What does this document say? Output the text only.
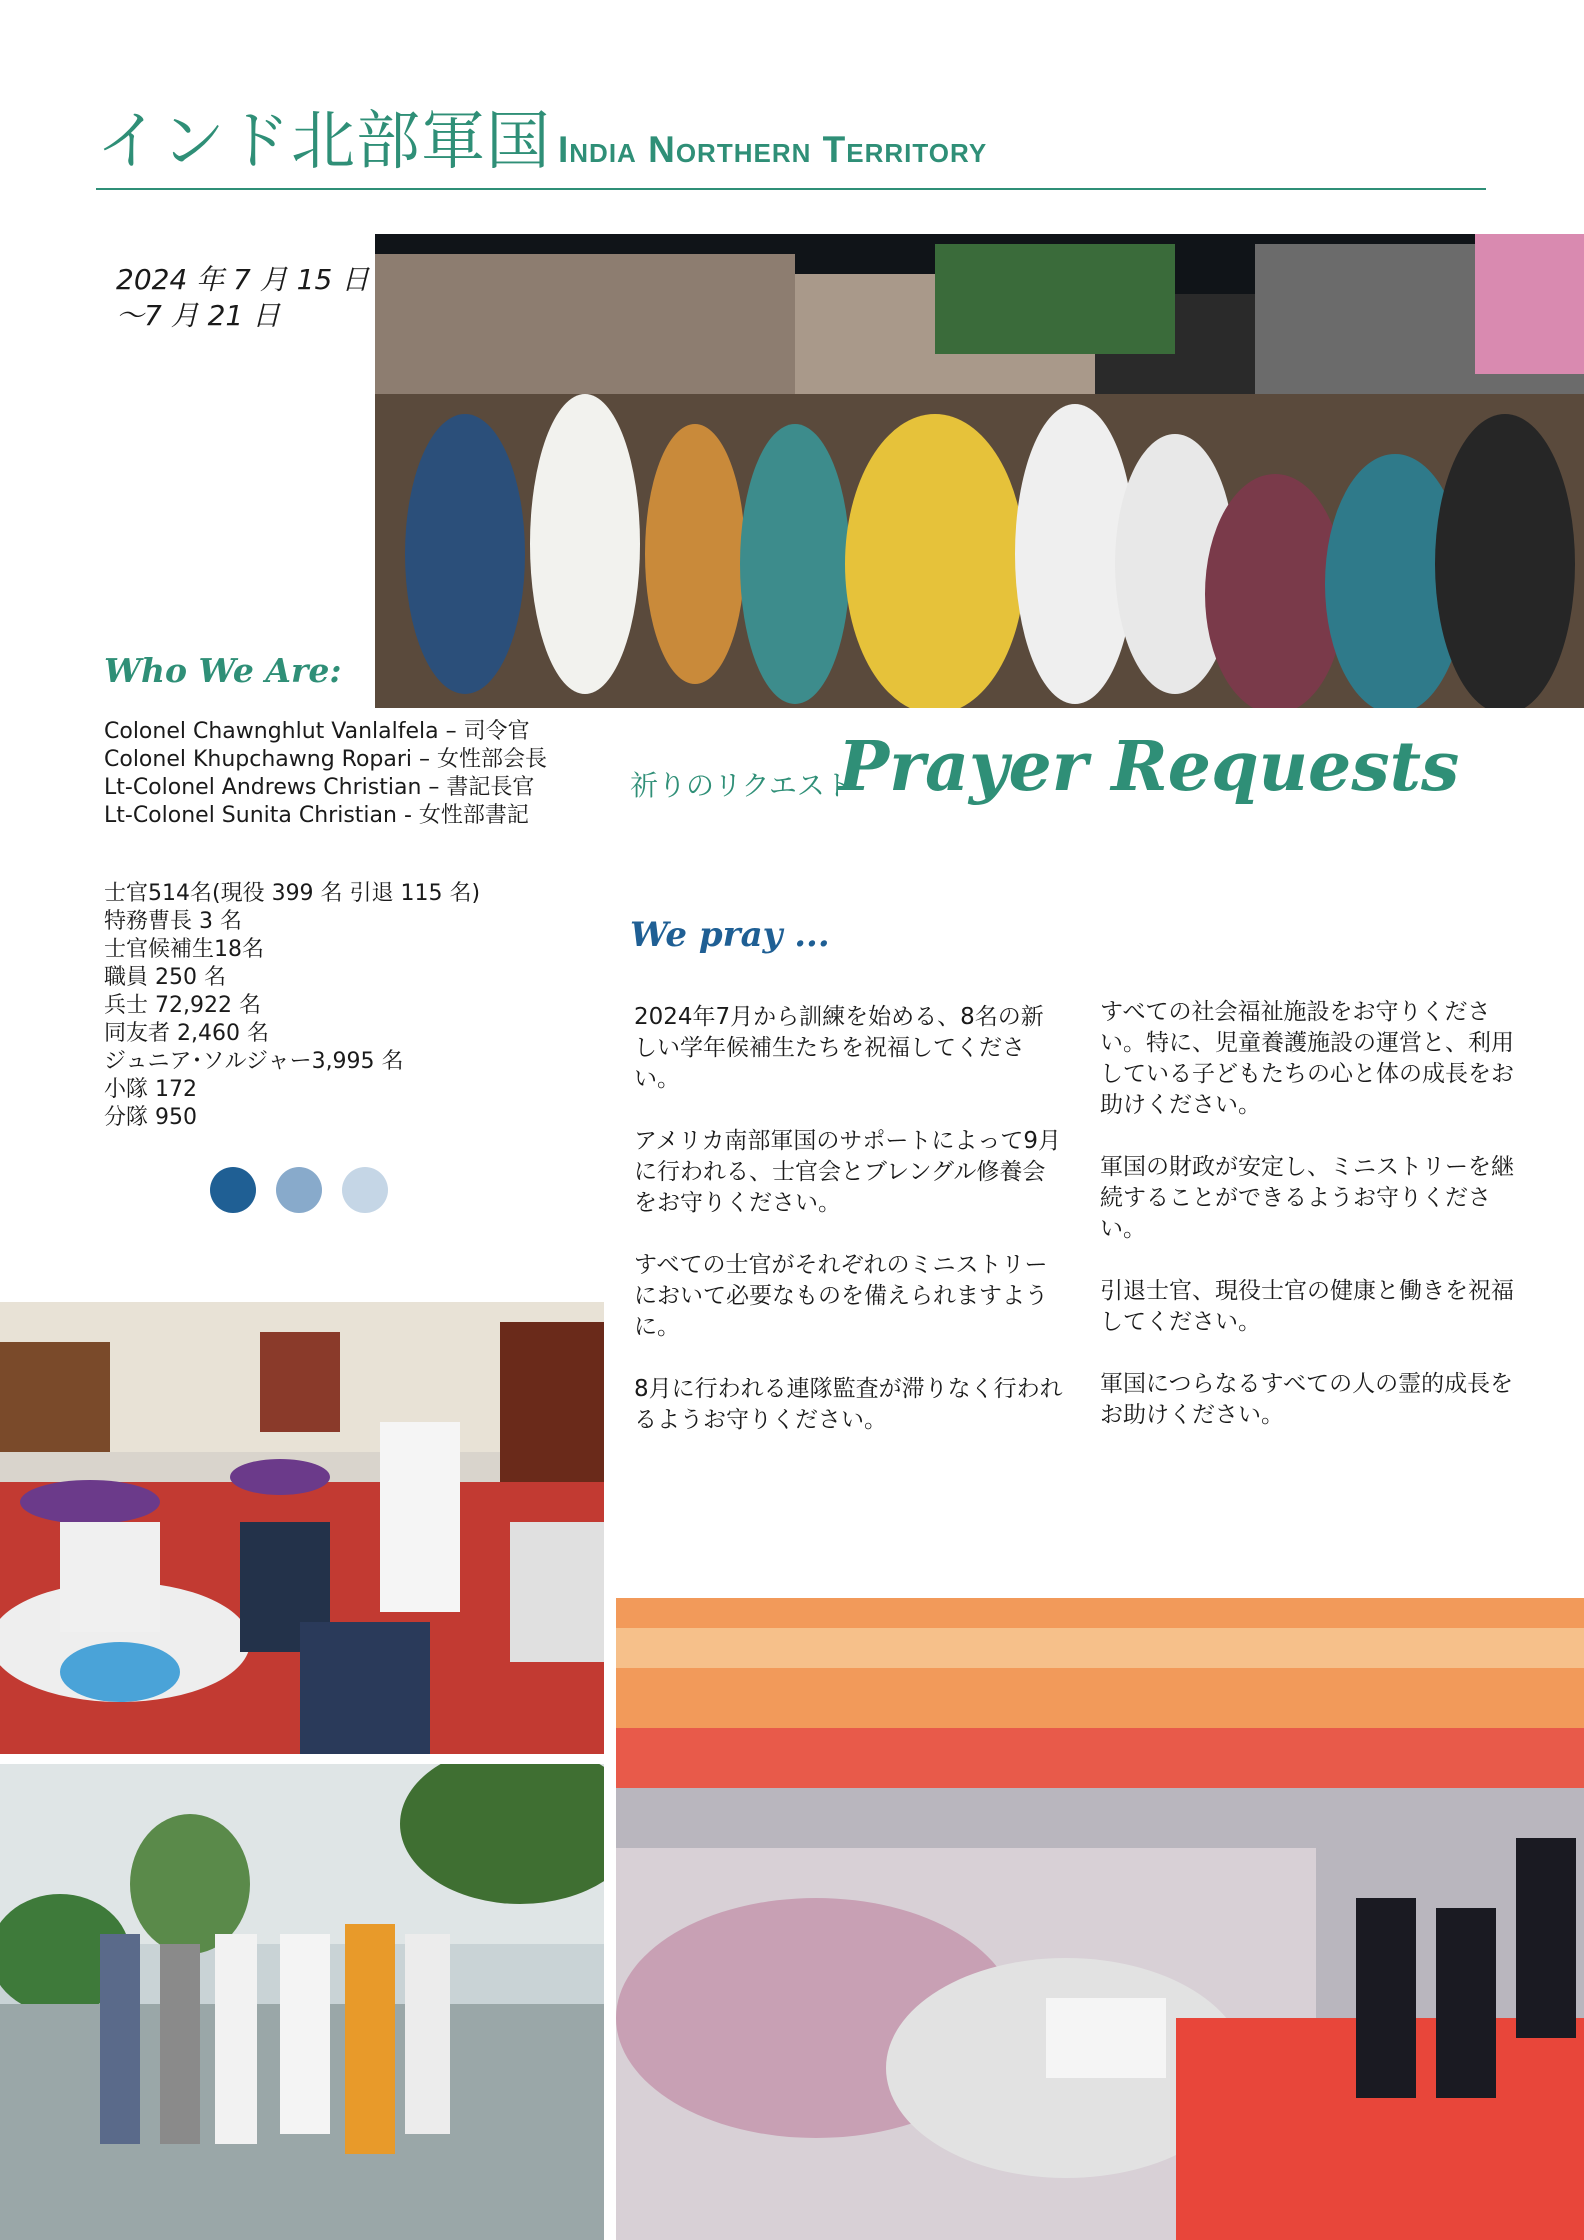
インド北部軍国 India Northern Territory
2024 年 7 月 15 日
〜7 月 21 日
Who We Are:
Colonel Chawnghlut Vanlalfela – 司令官
Colonel Khupchawng Ropari – 女性部会長
Lt-Colonel Andrews Christian – 書記長官
Lt-Colonel Sunita Christian - 女性部書記
士官514名(現役 399 名 引退 115 名)
特務曹長 3 名
士官候補生18名
職員 250 名
兵士 72,922 名
同友者 2,460 名
ジュニア･ソルジャー3,995 名
小隊 172
分隊 950
祈りのリクエスト
Prayer Requests
We pray ...

2024年7月から訓練を始める、8名の新しい学年候補生たちを祝福してください。

アメリカ南部軍国のサポートによって9月に行われる、士官会とブレングル修養会をお守りください。

すべての士官がそれぞれのミニストリーにおいて必要なものを備えられますように。

8月に行われる連隊監査が滞りなく行われるようお守りください。

すべての社会福祉施設をお守りください。特に、児童養護施設の運営と、利用している子どもたちの心と体の成長をお助けください。

軍国の財政が安定し、ミニストリーを継続することができるようお守りください。

引退士官、現役士官の健康と働きを祝福してください。

軍国につらなるすべての人の霊的成長をお助けください。
